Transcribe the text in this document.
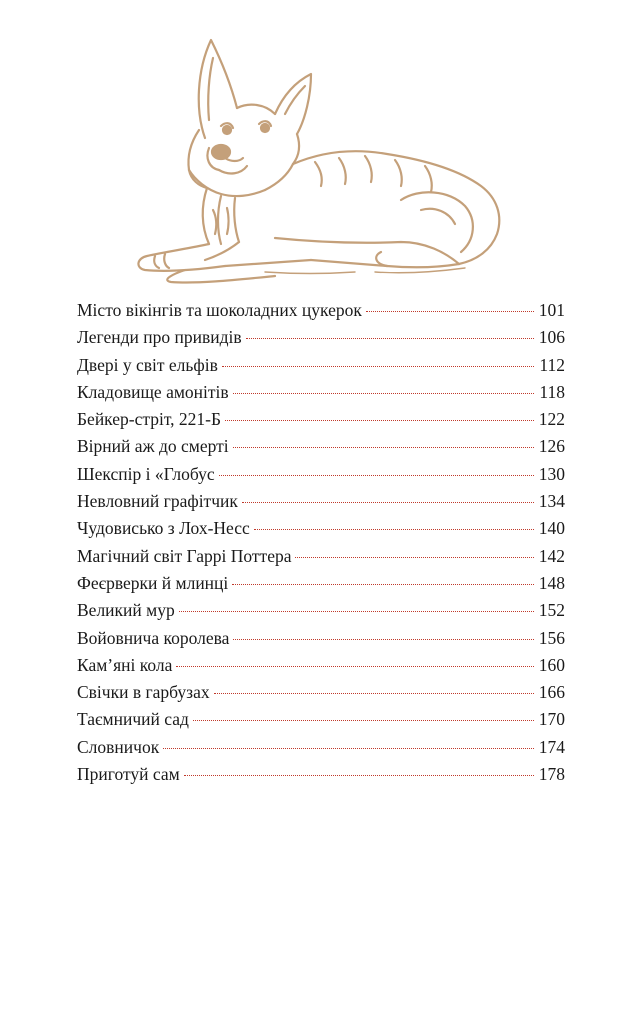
Місто вікінгів та шоколадних цукерок	101
Легенди про привидів	106
Двері у світ ельфів	112
Кладовище амонітів	118
Бейкер-стріт, 221-Б	122
Вірний аж до смерті	126
Шекспір і «Глобус	130
Невловний графітчик	134
Чудовисько з Лох-Несс	140
Магічний світ Гаррі Поттера	142
Феєрверки й млинці	148
Великий мур	152
Войовнича королева	156
Кам’яні кола	160
Свічки в гарбузах	166
Таємничий сад	170
Словничок	174
Приготуй сам	178
